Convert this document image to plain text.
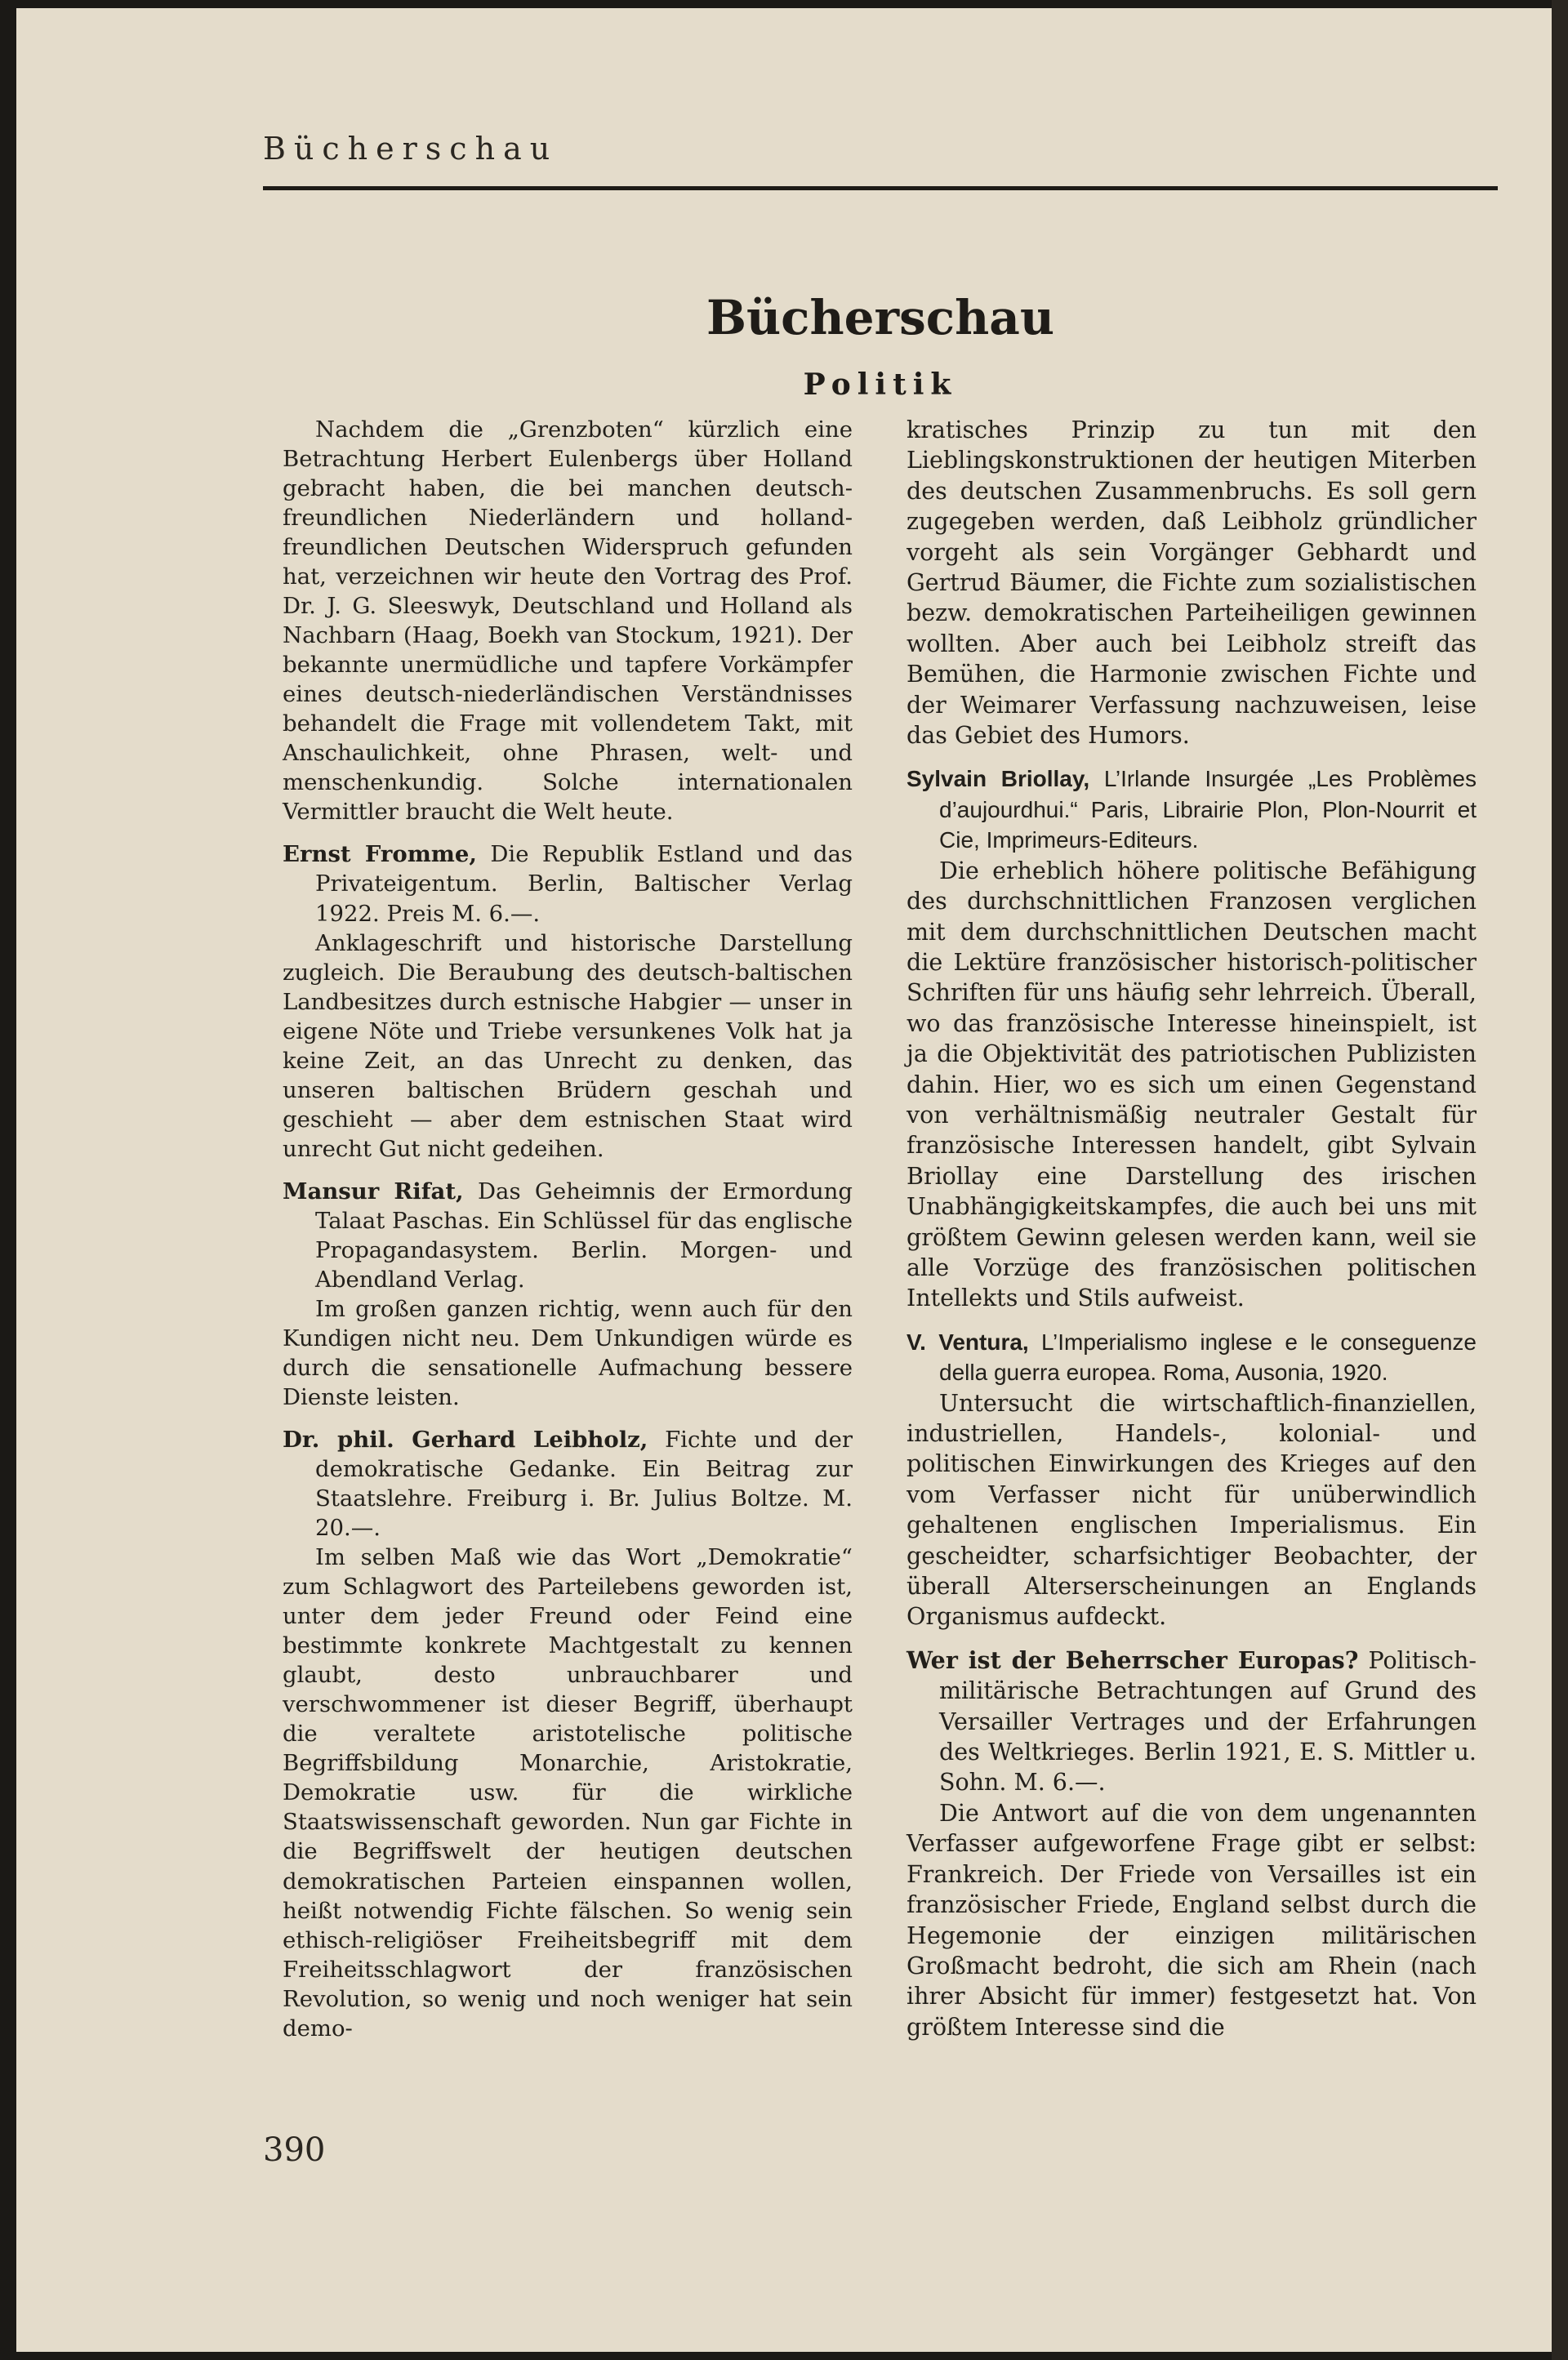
Bücherschau
Bücherschau
Politik

Nachdem die „Grenzboten“ kürzlich eine Betrachtung Herbert Eulenbergs über Holland gebracht haben, die bei manchen deutsch-freundlichen Niederländern und holland-freundlichen Deutschen Widerspruch gefunden hat, verzeichnen wir heute den Vortrag des Prof. Dr. J. G. Sleeswyk, Deutschland und Holland als Nachbarn (Haag, Boekh van Stockum, 1921). Der bekannte unermüdliche und tapfere Vorkämpfer eines deutsch-niederländischen Verständnisses behandelt die Frage mit vollendetem Takt, mit Anschaulichkeit, ohne Phrasen, welt- und menschenkundig. Solche internationalen Vermittler braucht die Welt heute.

Ernst Fromme, Die Republik Estland und das Privateigentum. Berlin, Baltischer Verlag 1922. Preis M. 6.—.

Anklageschrift und historische Darstellung zugleich. Die Beraubung des deutsch-baltischen Landbesitzes durch estnische Habgier — unser in eigene Nöte und Triebe versunkenes Volk hat ja keine Zeit, an das Unrecht zu denken, das unseren baltischen Brüdern geschah und geschieht — aber dem estnischen Staat wird unrecht Gut nicht gedeihen.

Mansur Rifat, Das Geheimnis der Ermordung Talaat Paschas. Ein Schlüssel für das englische Propagandasystem. Berlin. Morgen- und Abendland Verlag.

Im großen ganzen richtig, wenn auch für den Kundigen nicht neu. Dem Unkundigen würde es durch die sensationelle Aufmachung bessere Dienste leisten.

Dr. phil. Gerhard Leibholz, Fichte und der demokratische Gedanke. Ein Beitrag zur Staatslehre. Freiburg i. Br. Julius Boltze. M. 20.—.

Im selben Maß wie das Wort „Demokratie“ zum Schlagwort des Parteilebens geworden ist, unter dem jeder Freund oder Feind eine bestimmte konkrete Machtgestalt zu kennen glaubt, desto unbrauchbarer und verschwommener ist dieser Begriff, überhaupt die veraltete aristotelische politische Begriffsbildung Monarchie, Aristokratie, Demokratie usw. für die wirkliche Staatswissenschaft geworden. Nun gar Fichte in die Begriffswelt der heutigen deutschen demokratischen Parteien einspannen wollen, heißt notwendig Fichte fälschen. So wenig sein ethisch-religiöser Freiheitsbegriff mit dem Freiheitsschlagwort der französischen Revolution, so wenig und noch weniger hat sein demo-

kratisches Prinzip zu tun mit den Lieblingskonstruktionen der heutigen Miterben des deutschen Zusammenbruchs. Es soll gern zugegeben werden, daß Leibholz gründlicher vorgeht als sein Vorgänger Gebhardt und Gertrud Bäumer, die Fichte zum sozialistischen bezw. demokratischen Parteiheiligen gewinnen wollten. Aber auch bei Leibholz streift das Bemühen, die Harmonie zwischen Fichte und der Weimarer Verfassung nachzuweisen, leise das Gebiet des Humors.

Sylvain Briollay, L’Irlande Insurgée „Les Problèmes d’aujourdhui.“ Paris, Librairie Plon, Plon-Nourrit et Cie, Imprimeurs-Editeurs.

Die erheblich höhere politische Befähigung des durchschnittlichen Franzosen verglichen mit dem durchschnittlichen Deutschen macht die Lektüre französischer historisch-politischer Schriften für uns häufig sehr lehrreich. Überall, wo das französische Interesse hineinspielt, ist ja die Objektivität des patriotischen Publizisten dahin. Hier, wo es sich um einen Gegenstand von verhältnismäßig neutraler Gestalt für französische Interessen handelt, gibt Sylvain Briollay eine Darstellung des irischen Unabhängigkeitskampfes, die auch bei uns mit größtem Gewinn gelesen werden kann, weil sie alle Vorzüge des französischen politischen Intellekts und Stils aufweist.

V. Ventura, L’Imperialismo inglese e le conseguenze della guerra europea. Roma, Ausonia, 1920.

Untersucht die wirtschaftlich-finanziellen, industriellen, Handels-, kolonial- und politischen Einwirkungen des Krieges auf den vom Verfasser nicht für unüberwindlich gehaltenen englischen Imperialismus. Ein gescheidter, scharfsichtiger Beobachter, der überall Alterserscheinungen an Englands Organismus aufdeckt.

Wer ist der Beherrscher Europas? Politisch-militärische Betrachtungen auf Grund des Versailler Vertrages und der Erfahrungen des Weltkrieges. Berlin 1921, E. S. Mittler u. Sohn. M. 6.—.

Die Antwort auf die von dem ungenannten Verfasser aufgeworfene Frage gibt er selbst: Frankreich. Der Friede von Versailles ist ein französischer Friede, England selbst durch die Hegemonie der einzigen militärischen Großmacht bedroht, die sich am Rhein (nach ihrer Absicht für immer) festgesetzt hat. Von größtem Interesse sind die

390
